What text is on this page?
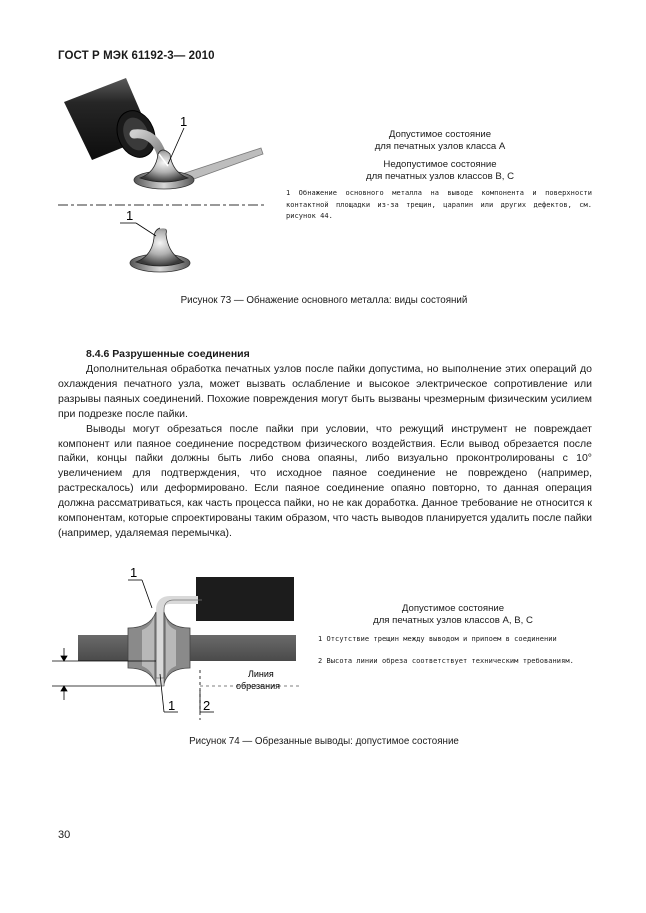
ГОСТ Р МЭК 61192-3— 2010
1
1
Допустимое состояние
для печатных узлов класса А
Недопустимое состояние
для печатных узлов классов В, С
1 Обнажение основного металла на выводе компонента и поверхности контактной площадки из-за трещин, царапин или других дефектов, см. рисунок 44.
Рисунок 73 — Обнажение основного металла: виды состояний
8.4.6 Разрушенные соединения

Дополнительная обработка печатных узлов после пайки допустима, но выполнение этих операций до охлаждения печатного узла, может вызвать ослабление и высокое электрическое сопротивление или разрывы паяных соединений. Похожие повреждения могут быть вызваны чрезмерным физическим усилием при подрезке после пайки.

Выводы могут обрезаться после пайки при условии, что режущий инструмент не повреждает компонент или паяное соединение посредством физического воздействия. Если вывод обрезается после пайки, концы пайки должны быть либо снова опаяны, либо визуально проконтролированы с 10° увеличением для подтверждения, что исходное паяное соединение не повреждено (например, растрескалось) или деформировано. Если паяное соединение опаяно повторно, то данная операция должна рассматриваться, как часть процесса пайки, но не как доработка. Данное требование не относится к компонентам, которые спроектированы таким образом, что часть выводов планируется удалить после пайки (например, удаляемая перемычка).

1
1 2
Линия
обрезания
Допустимое состояние
для печатных узлов классов А, В, С
1 Отсутствие трещин между выводом и припоем в соединении
2 Высота линии обреза соответствует техническим требованиям.
Рисунок 74 — Обрезанные выводы: допустимое состояние
30
